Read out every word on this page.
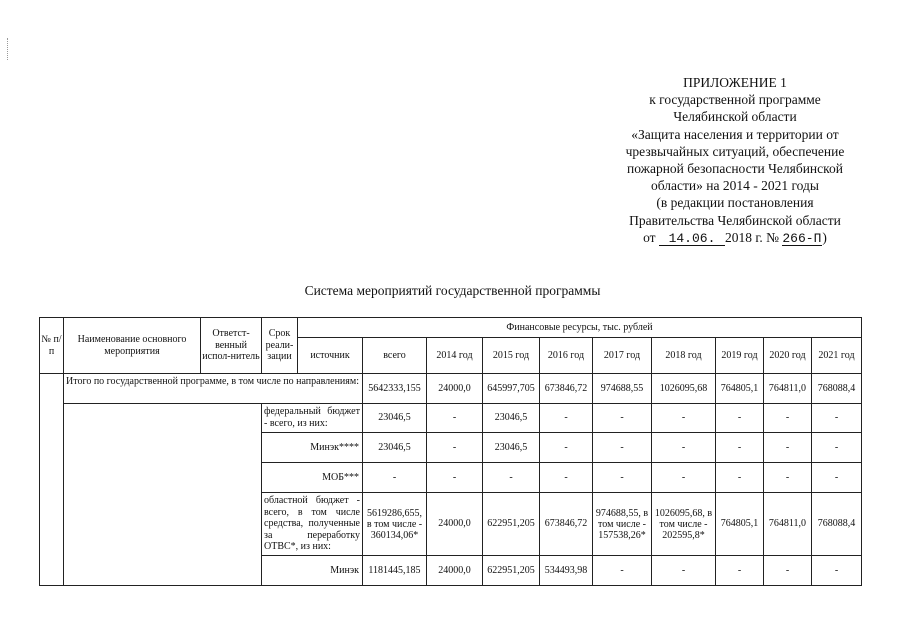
ПРИЛОЖЕНИЕ 1
к государственной программе
Челябинской области
«Защита населения и территории от
чрезвычайных ситуаций, обеспечение
пожарной безопасности Челябинской
области» на 2014 - 2021 годы
(в редакции постановления
Правительства Челябинской области
от 14.06. 2018 г. № 266-П)
Система мероприятий государственной программы
№ п/п	Наименование основного мероприятия	Ответст-венный испол-нитель	Срок реали-зации	Финансовые ресурсы, тыс. рублей									
				источник	всего	2014 год	2015 год	2016 год	2017 год	2018 год	2019 год	2020 год	2021 год
	Итого по государственной программе, в том числе по направлениям:				5642333,155	24000,0	645997,705	673846,72	974688,55	1026095,68	764805,1	764811,0	768088,4
			федеральный бюджет - всего, из них:		23046,5	-	23046,5	-	-	-	-	-	-
			Минэк****		23046,5	-	23046,5	-	-	-	-	-	-
			МОБ***		-	-	-	-	-	-	-	-	-
			областной бюджет - всего, в том числе средства, полученные за переработку ОТВС*, из них:		5619286,655, в том числе - 360134,06*	24000,0	622951,205	673846,72	974688,55, в том числе - 157538,26*	1026095,68, в том числе - 202595,8*	764805,1	764811,0	768088,4
			Минэк		1181445,185	24000,0	622951,205	534493,98	-	-	-	-	-
